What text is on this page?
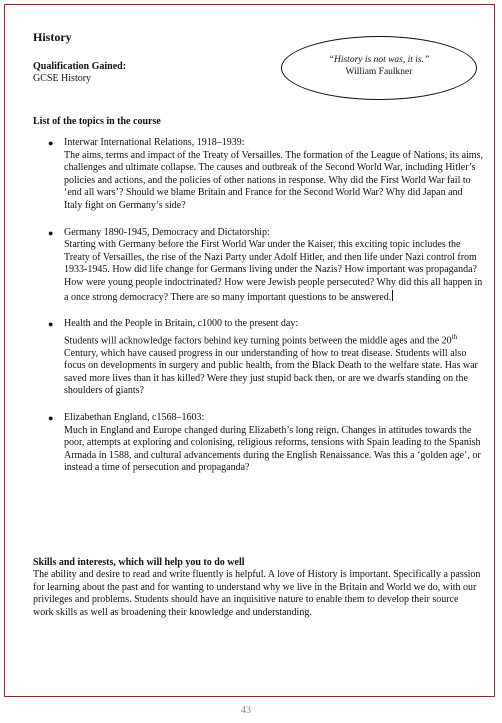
History
Qualification Gained:
GCSE History
“History is not was, it is.”
William Faulkner
List of the topics in the course
● Interwar International Relations, 1918–1939:
The aims, terms and impact of the Treaty of Versailles. The formation of the League of Nations, its aims, challenges and ultimate collapse. The causes and outbreak of the Second World War, including Hitler’s policies and actions, and the policies of other nations in response. Why did the First World War fail to ‘end all wars’? Should we blame Britain and France for the Second World War? Why did Japan and Italy fight on Germany’s side?
● Germany 1890-1945, Democracy and Dictatorship:
Starting with Germany before the First World War under the Kaiser, this exciting topic includes the Treaty of Versailles, the rise of the Nazi Party under Adolf Hitler, and then life under Nazi control from 1933-1945. How did life change for Germans living under the Nazis? How important was propaganda? How were young people indoctrinated? How were Jewish people persecuted? Why did this all happen in a once strong democracy? There are so many important questions to be answered.
● Health and the People in Britain, c1000 to the present day:
Students will acknowledge factors behind key turning points between the middle ages and the 20th Century, which have caused progress in our understanding of how to treat disease. Students will also focus on developments in surgery and public health, from the Black Death to the welfare state. Has war saved more lives than it has killed? Were they just stupid back then, or are we dwarfs standing on the shoulders of giants?
● Elizabethan England, c1568–1603:
Much in England and Europe changed during Elizabeth’s long reign. Changes in attitudes towards the poor, attempts at exploring and colonising, religious reforms, tensions with Spain leading to the Spanish Armada in 1588, and cultural advancements during the English Renaissance. Was this a ‘golden age’, or instead a time of persecution and propaganda?
Skills and interests, which will help you to do well
The ability and desire to read and write fluently is helpful. A love of History is important. Specifically a passion for learning about the past and for wanting to understand why we live in the Britain and World we do, with our privileges and problems. Students should have an inquisitive nature to enable them to develop their source work skills as well as broadening their knowledge and understanding.
43
